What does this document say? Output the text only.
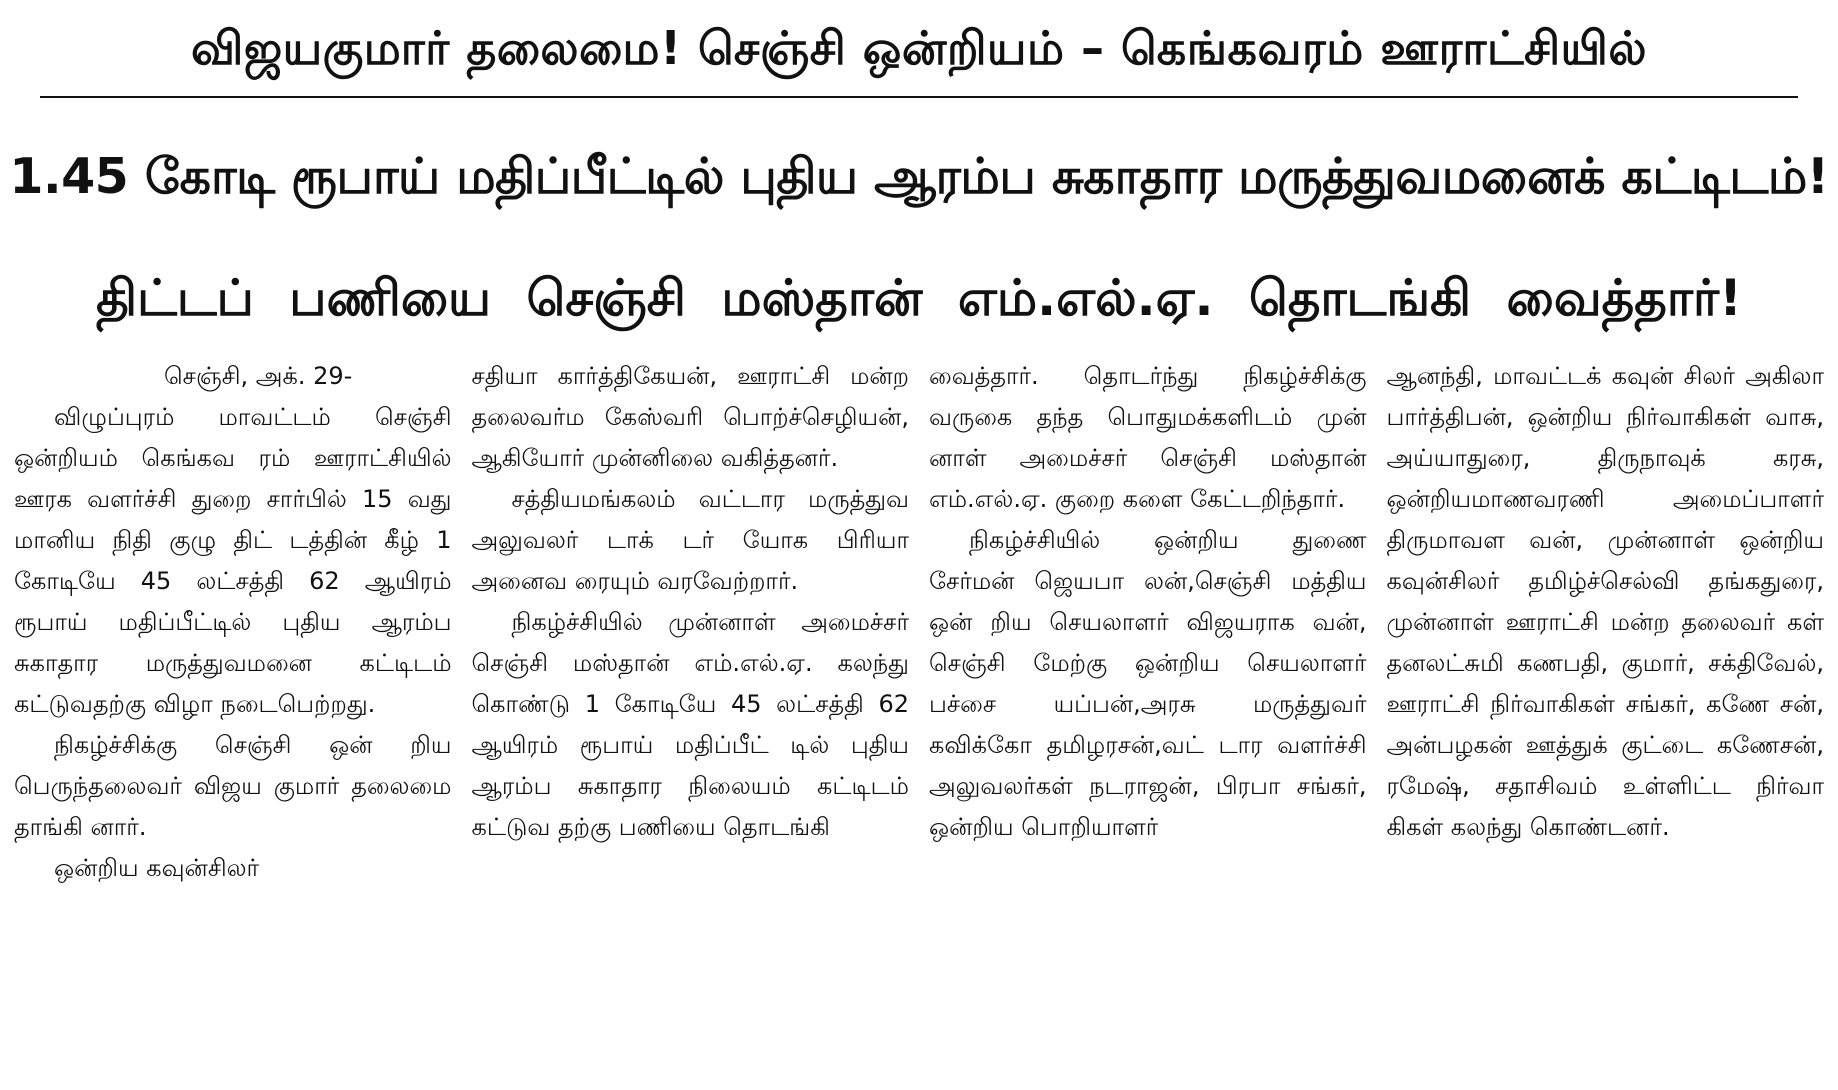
விஜயகுமார் தலைமை! செஞ்சி ஒன்றியம் – கெங்கவரம் ஊராட்சியில்
1.45 கோடி ரூபாய் மதிப்பீட்டில் புதிய ஆரம்ப சுகாதார மருத்துவமனைக் கட்டிடம்!
திட்டப் பணியை செஞ்சி மஸ்தான் எம்.எல்.ஏ. தொடங்கி வைத்தார்!

செஞ்சி, அக். 29-

விழுப்புரம் மாவட்டம் செஞ்சி ஒன்றியம் கெங்கவ ரம் ஊராட்சியில் ஊரக வளர்ச்சி துறை சார்பில் 15 வது மானிய நிதி குழு திட் டத்தின் கீழ் 1 கோடியே 45 லட்சத்தி 62 ஆயிரம் ரூபாய் மதிப்பீட்டில் புதிய ஆரம்ப சுகாதார மருத்துவமனை கட்டிடம் கட்டுவதற்கு விழா நடைபெற்றது.

நிகழ்ச்சிக்கு செஞ்சி ஒன் றிய பெருந்தலைவர் விஜய குமார் தலைமை தாங்கி னார்.

ஒன்றிய கவுன்சிலர்

சதியா கார்த்திகேயன், ஊராட்சி மன்ற தலைவர்ம கேஸ்வரி பொற்ச்செழியன், ஆகியோர் முன்னிலை வகித்தனர்.

சத்தியமங்கலம் வட்டார மருத்துவ அலுவலர் டாக் டர் யோக பிரியா அனைவ ரையும் வரவேற்றார்.

நிகழ்ச்சியில் முன்னாள் அமைச்சர் செஞ்சி மஸ்தான் எம்.எல்.ஏ. கலந்து கொண்டு 1 கோடியே 45 லட்சத்தி 62 ஆயிரம் ரூபாய் மதிப்பீட் டில் புதிய ஆரம்ப சுகாதார நிலையம் கட்டிடம் கட்டுவ தற்கு பணியை தொடங்கி

வைத்தார். தொடர்ந்து நிகழ்ச்சிக்கு வருகை தந்த பொதுமக்களிடம் முன் னாள் அமைச்சர் செஞ்சி மஸ்தான் எம்.எல்.ஏ. குறை களை கேட்டறிந்தார்.

நிகழ்ச்சியில் ஒன்றிய துணை சேர்மன் ஜெயபா லன்,செஞ்சி மத்திய ஒன் றிய செயலாளர் விஜயராக வன், செஞ்சி மேற்கு ஒன்றிய செயலாளர் பச்சை யப்பன்,அரசு மருத்துவர் கவிக்கோ தமிழரசன்,வட் டார வளர்ச்சி அலுவலர்கள் நடராஜன், பிரபா சங்கர், ஒன்றிய பொறியாளர்

ஆனந்தி, மாவட்டக் கவுன் சிலர் அகிலா பார்த்திபன், ஒன்றிய நிர்வாகிகள் வாசு, அய்யாதுரை, திருநாவுக் கரசு, ஒன்றியமாணவரணி அமைப்பாளர் திருமாவள வன், முன்னாள் ஒன்றிய கவுன்சிலர் தமிழ்ச்செல்வி தங்கதுரை, முன்னாள் ஊராட்சி மன்ற தலைவர் கள் தனலட்சுமி கணபதி, குமார், சக்திவேல், ஊராட்சி நிர்வாகிகள் சங்கர், கணே சன், அன்பழகன் ஊத்துக் குட்டை கணேசன், ரமேஷ், சதாசிவம் உள்ளிட்ட நிர்வா கிகள் கலந்து கொண்டனர்.
